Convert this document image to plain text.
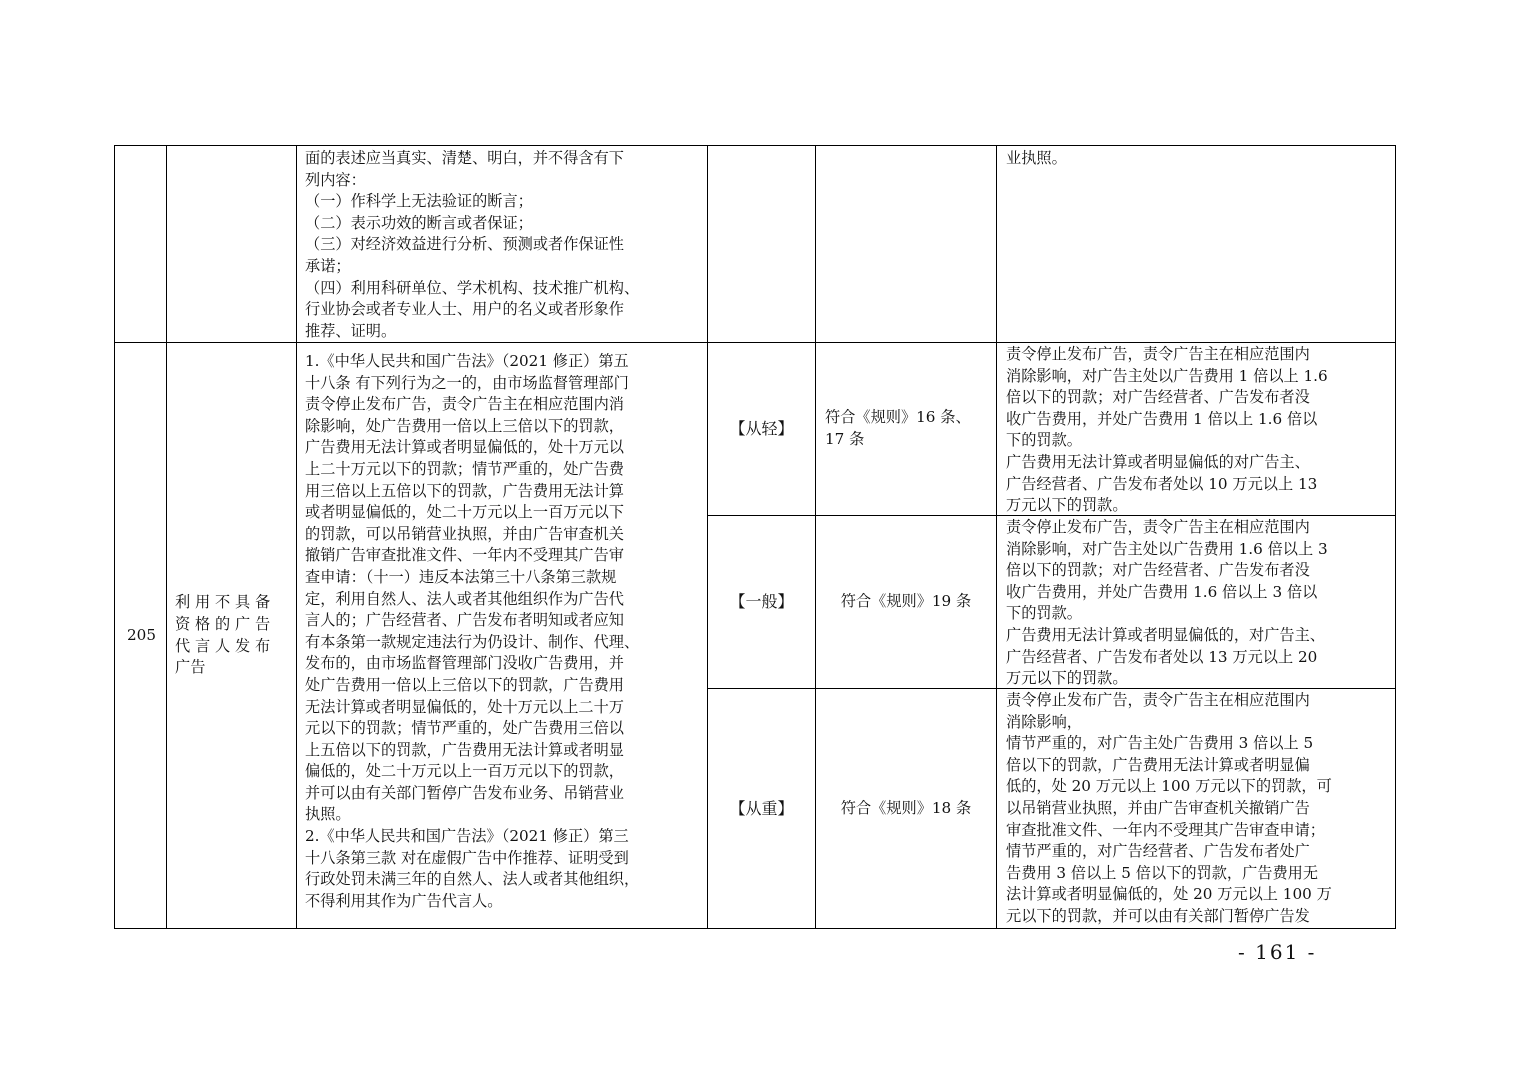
面的表述应当真实、清楚、明白，并不得含有下
列内容：
（一）作科学上无法验证的断言；
（二）表示功效的断言或者保证；
（三）对经济效益进行分析、预测或者作保证性
承诺；
（四）利用科研单位、学术机构、技术推广机构、
行业协会或者专业人士、用户的名义或者形象作
推荐、证明。
业执照。
205
利 用 不 具 备
资 格 的 广 告
代 言 人 发 布
广告
1.《中华人民共和国广告法》（2021 修正）第五
十八条 有下列行为之一的，由市场监督管理部门
责令停止发布广告，责令广告主在相应范围内消
除影响，处广告费用一倍以上三倍以下的罚款，
广告费用无法计算或者明显偏低的，处十万元以
上二十万元以下的罚款；情节严重的，处广告费
用三倍以上五倍以下的罚款，广告费用无法计算
或者明显偏低的，处二十万元以上一百万元以下
的罚款，可以吊销营业执照，并由广告审查机关
撤销广告审查批准文件、一年内不受理其广告审
查申请：（十一）违反本法第三十八条第三款规
定，利用自然人、法人或者其他组织作为广告代
言人的；广告经营者、广告发布者明知或者应知
有本条第一款规定违法行为仍设计、制作、代理、
发布的，由市场监督管理部门没收广告费用，并
处广告费用一倍以上三倍以下的罚款，广告费用
无法计算或者明显偏低的，处十万元以上二十万
元以下的罚款；情节严重的，处广告费用三倍以
上五倍以下的罚款，广告费用无法计算或者明显
偏低的，处二十万元以上一百万元以下的罚款，
并可以由有关部门暂停广告发布业务、吊销营业
执照。
2.《中华人民共和国广告法》（2021 修正）第三
十八条第三款 对在虚假广告中作推荐、证明受到
行政处罚未满三年的自然人、法人或者其他组织，
不得利用其作为广告代言人。
【从轻】
符合《规则》16 条、
17 条
责令停止发布广告，责令广告主在相应范围内
消除影响，对广告主处以广告费用 1 倍以上 1.6
倍以下的罚款；对广告经营者、广告发布者没
收广告费用，并处广告费用 1 倍以上 1.6 倍以
下的罚款。
广告费用无法计算或者明显偏低的对广告主、
广告经营者、广告发布者处以 10 万元以上 13
万元以下的罚款。
【一般】	符合《规则》19 条
责令停止发布广告，责令广告主在相应范围内
消除影响，对广告主处以广告费用 1.6 倍以上 3
倍以下的罚款；对广告经营者、广告发布者没
收广告费用，并处广告费用 1.6 倍以上 3 倍以
下的罚款。
广告费用无法计算或者明显偏低的，对广告主、
广告经营者、广告发布者处以 13 万元以上 20
万元以下的罚款。
【从重】	符合《规则》18 条
责令停止发布广告，责令广告主在相应范围内
消除影响，
情节严重的，对广告主处广告费用 3 倍以上 5
倍以下的罚款，广告费用无法计算或者明显偏
低的，处 20 万元以上 100 万元以下的罚款，可
以吊销营业执照，并由广告审查机关撤销广告
审查批准文件、一年内不受理其广告审查申请；
情节严重的，对广告经营者、广告发布者处广
告费用 3 倍以上 5 倍以下的罚款，广告费用无
法计算或者明显偏低的，处 20 万元以上 100 万
元以下的罚款，并可以由有关部门暂停广告发
- 161 -
